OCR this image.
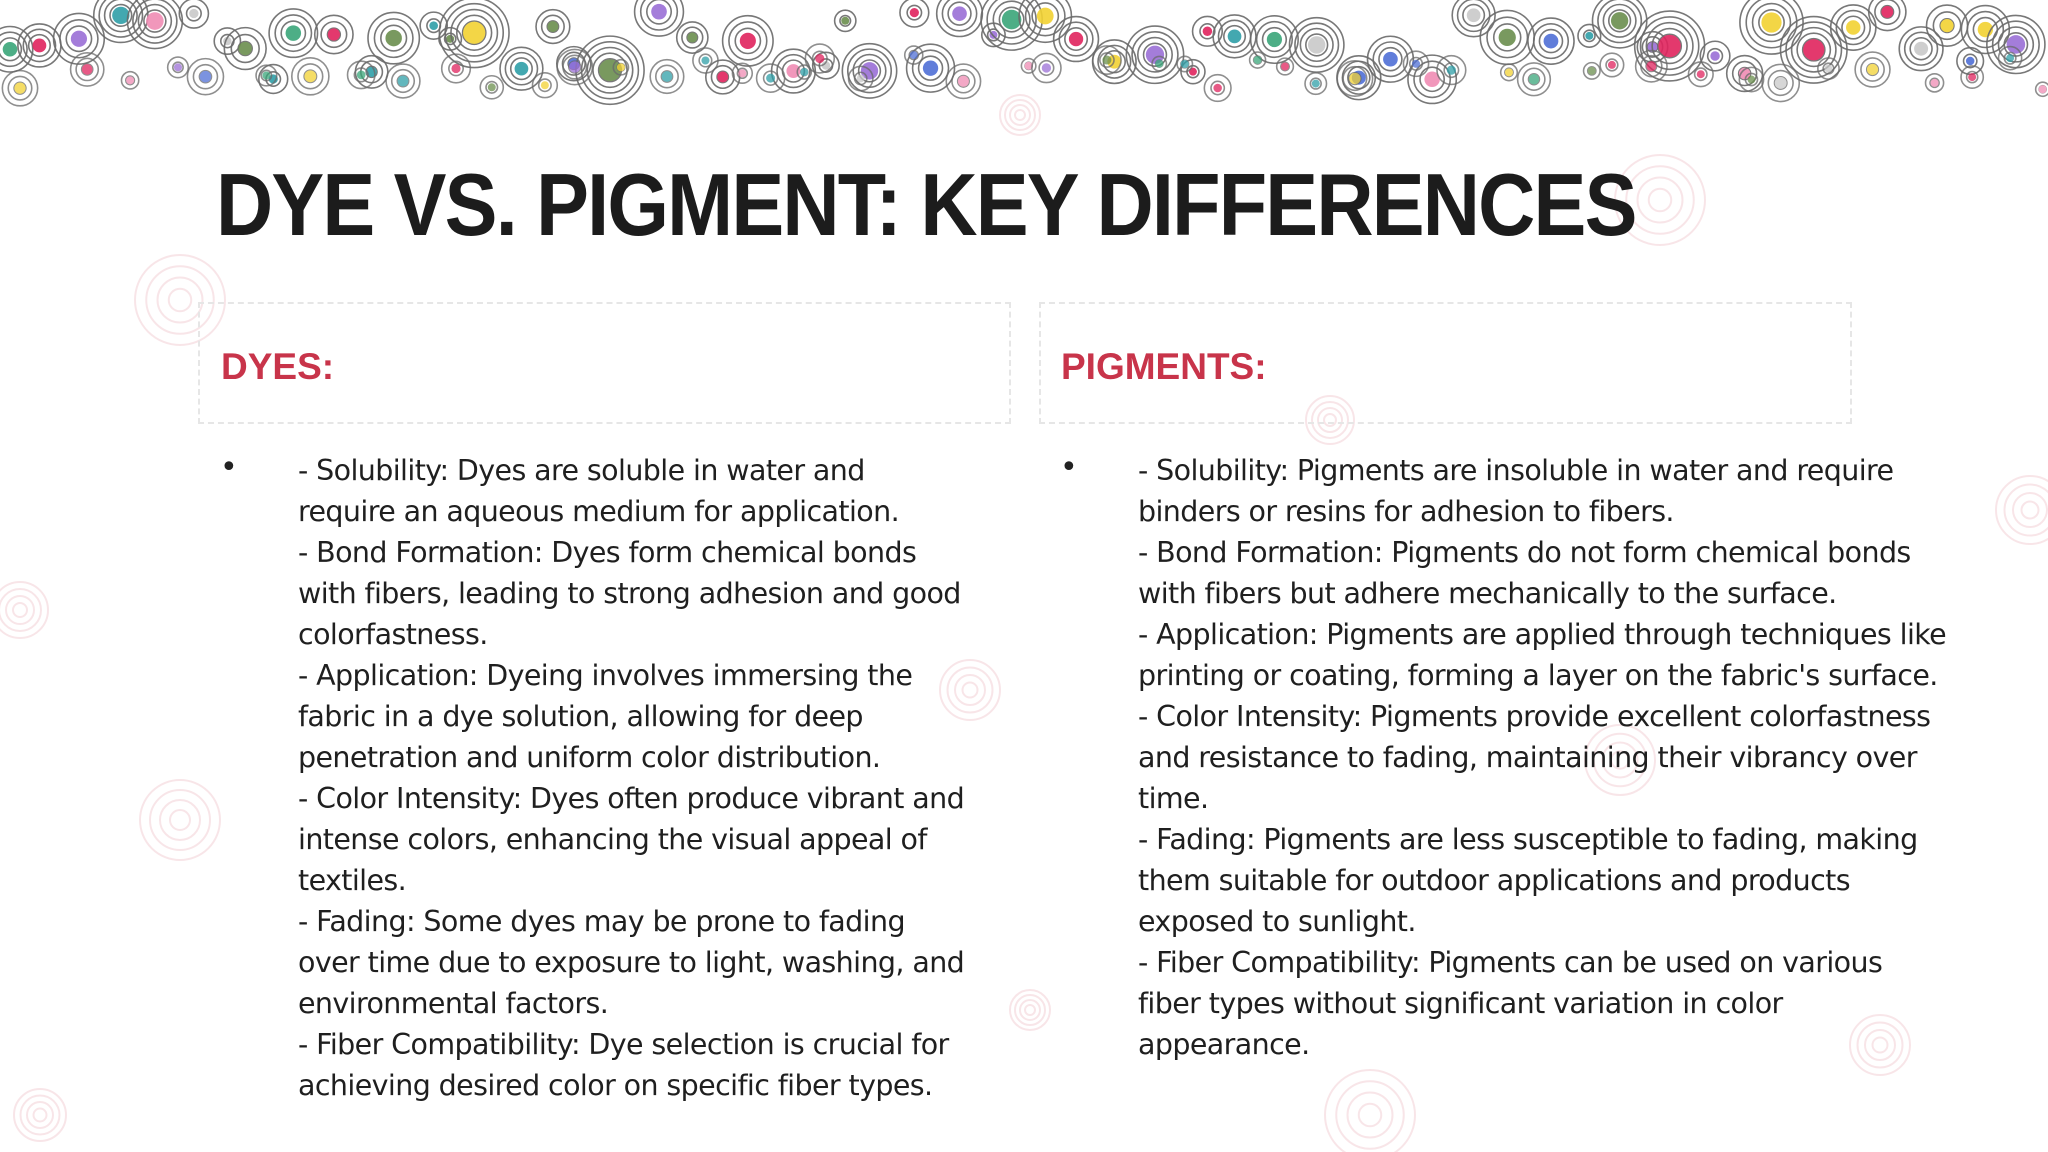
DYE VS. PIGMENT: KEY DIFFERENCES
DYES:	PIGMENTS:
•	•
- Solubility: Dyes are soluble in water and
require an aqueous medium for application.
- Bond Formation: Dyes form chemical bonds
with fibers, leading to strong adhesion and good
colorfastness.
- Application: Dyeing involves immersing the
fabric in a dye solution, allowing for deep
penetration and uniform color distribution.
- Color Intensity: Dyes often produce vibrant and
intense colors, enhancing the visual appeal of
textiles.
- Fading: Some dyes may be prone to fading
over time due to exposure to light, washing, and
environmental factors.
- Fiber Compatibility: Dye selection is crucial for
achieving desired color on specific fiber types.
- Solubility: Pigments are insoluble in water and require
binders or resins for adhesion to fibers.
- Bond Formation: Pigments do not form chemical bonds
with fibers but adhere mechanically to the surface.
- Application: Pigments are applied through techniques like
printing or coating, forming a layer on the fabric's surface.
- Color Intensity: Pigments provide excellent colorfastness
and resistance to fading, maintaining their vibrancy over
time.
- Fading: Pigments are less susceptible to fading, making
them suitable for outdoor applications and products
exposed to sunlight.
- Fiber Compatibility: Pigments can be used on various
fiber types without significant variation in color
appearance.
